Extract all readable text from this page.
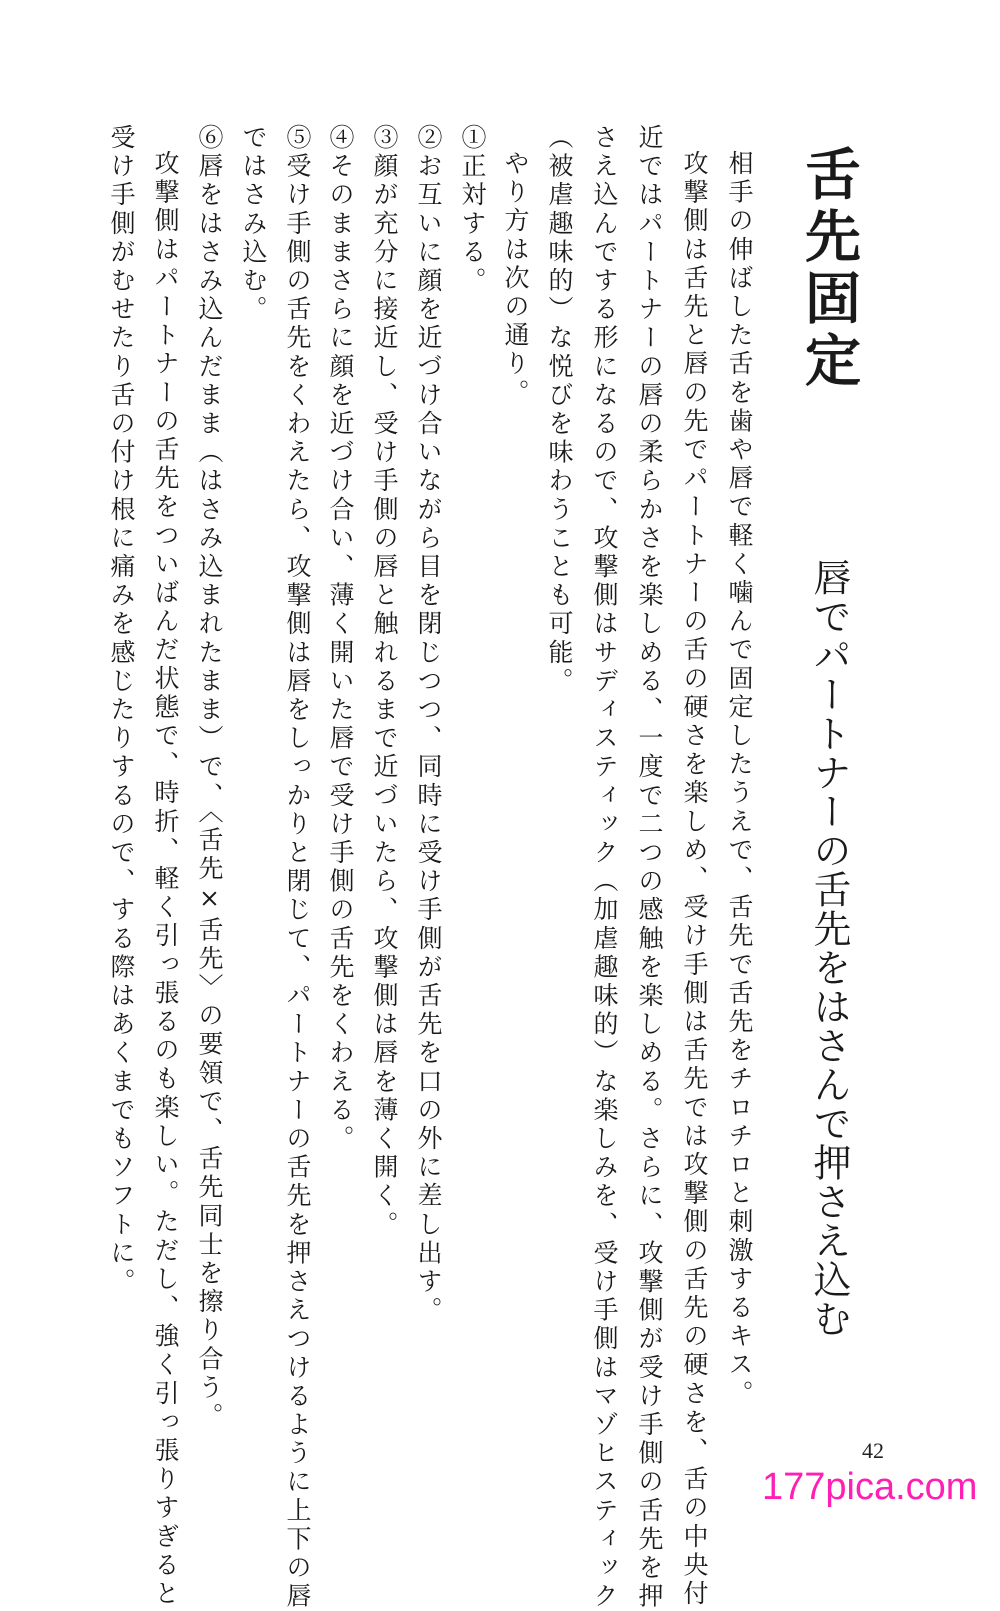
舌先固定
唇でパートナーの舌先をはさんで押さえ込む
相手の伸ばした舌を歯や唇で軽く噛んで固定したうえで、舌先で舌先をチロチロと刺激するキス。
攻撃側は舌先と唇の先でパートナーの舌の硬さを楽しめ、受け手側は舌先では攻撃側の舌先の硬さを、舌の中央付
近ではパートナーの唇の柔らかさを楽しめる、一度で二つの感触を楽しめる。さらに、攻撃側が受け手側の舌先を押
さえ込んでする形になるので、攻撃側はサディスティック（加虐趣味的）な楽しみを、受け手側はマゾヒスティック
（被虐趣味的）な悦びを味わうことも可能。
やり方は次の通り。
①正対する。
②お互いに顔を近づけ合いながら目を閉じつつ、同時に受け手側が舌先を口の外に差し出す。
③顔が充分に接近し、受け手側の唇と触れるまで近づいたら、攻撃側は唇を薄く開く。
④そのままさらに顔を近づけ合い、薄く開いた唇で受け手側の舌先をくわえる。
⑤受け手側の舌先をくわえたら、攻撃側は唇をしっかりと閉じて、パートナーの舌先を押さえつけるように上下の唇
ではさみ込む。
⑥唇をはさみ込んだまま（はさみ込まれたまま）で、〈舌先×舌先〉の要領で、舌先同士を擦り合う。
攻撃側はパートナーの舌先をついばんだ状態で、時折、軽く引っ張るのも楽しい。ただし、強く引っ張りすぎると
受け手側がむせたり舌の付け根に痛みを感じたりするので、する際はあくまでもソフトに。
42
177pica.com
